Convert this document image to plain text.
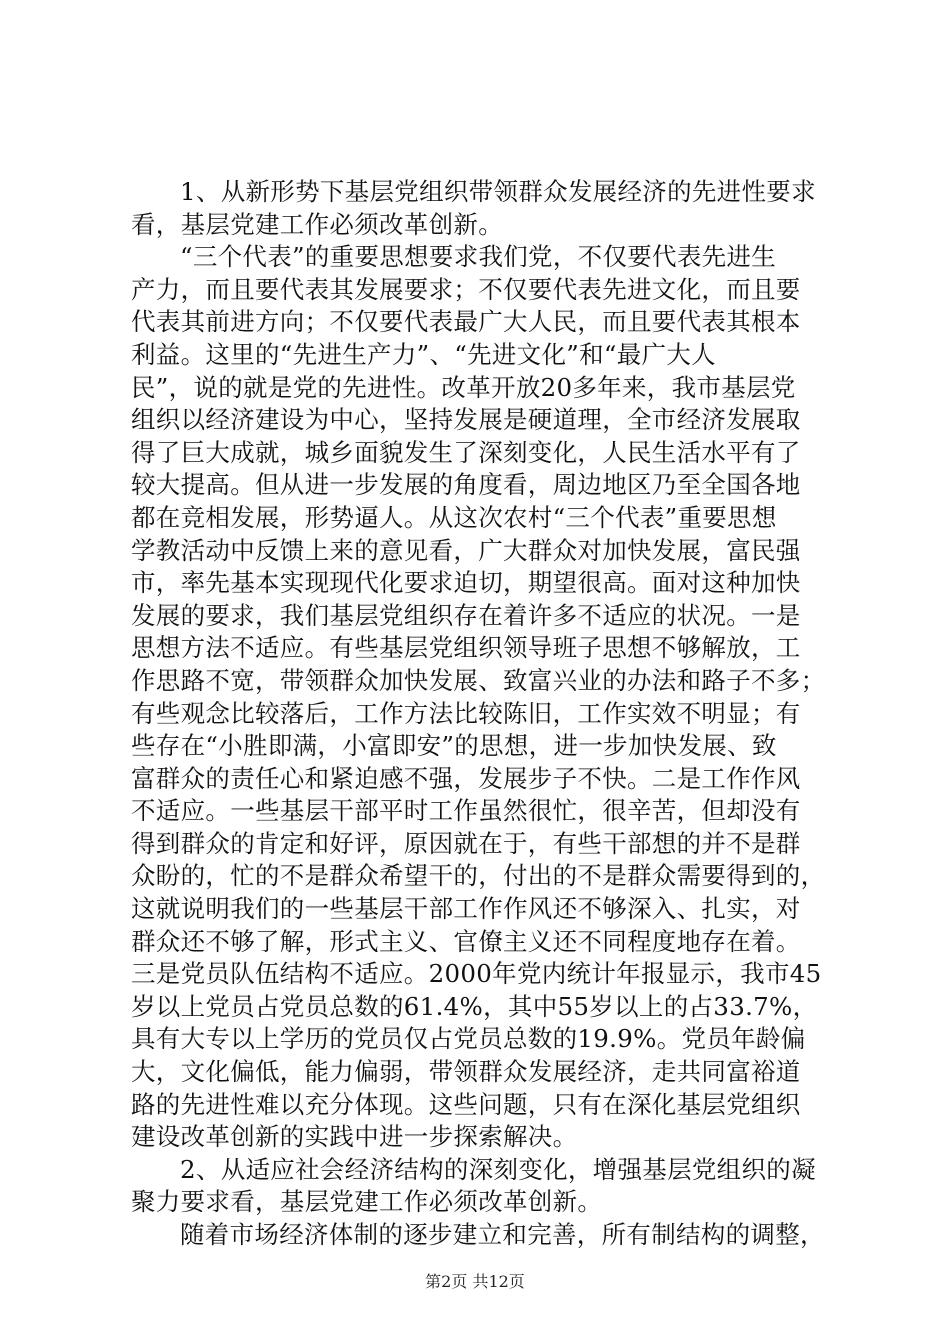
1、从新形势下基层党组织带领群众发展经济的先进性要求
看，基层党建工作必须改革创新。

“三个代表”的重要思想要求我们党，不仅要代表先进生
产力，而且要代表其发展要求；不仅要代表先进文化，而且要
代表其前进方向；不仅要代表最广大人民，而且要代表其根本
利益。这里的“先进生产力”、“先进文化”和“最广大人
民”，说的就是党的先进性。改革开放20多年来，我市基层党
组织以经济建设为中心，坚持发展是硬道理，全市经济发展取
得了巨大成就，城乡面貌发生了深刻变化，人民生活水平有了
较大提高。但从进一步发展的角度看，周边地区乃至全国各地
都在竞相发展，形势逼人。从这次农村“三个代表”重要思想
学教活动中反馈上来的意见看，广大群众对加快发展，富民强
市，率先基本实现现代化要求迫切，期望很高。面对这种加快
发展的要求，我们基层党组织存在着许多不适应的状况。一是
思想方法不适应。有些基层党组织领导班子思想不够解放，工
作思路不宽，带领群众加快发展、致富兴业的办法和路子不多；
有些观念比较落后，工作方法比较陈旧，工作实效不明显；有
些存在“小胜即满，小富即安”的思想，进一步加快发展、致
富群众的责任心和紧迫感不强，发展步子不快。二是工作作风
不适应。一些基层干部平时工作虽然很忙，很辛苦，但却没有
得到群众的肯定和好评，原因就在于，有些干部想的并不是群
众盼的，忙的不是群众希望干的，付出的不是群众需要得到的，
这就说明我们的一些基层干部工作作风还不够深入、扎实，对
群众还不够了解，形式主义、官僚主义还不同程度地存在着。
三是党员队伍结构不适应。2000年党内统计年报显示，我市45
岁以上党员占党员总数的61.4%，其中55岁以上的占33.7%，
具有大专以上学历的党员仅占党员总数的19.9%。党员年龄偏
大，文化偏低，能力偏弱，带领群众发展经济，走共同富裕道
路的先进性难以充分体现。这些问题，只有在深化基层党组织
建设改革创新的实践中进一步探索解决。

2、从适应社会经济结构的深刻变化，增强基层党组织的凝
聚力要求看，基层党建工作必须改革创新。

随着市场经济体制的逐步建立和完善，所有制结构的调整，

第2页 共12页
